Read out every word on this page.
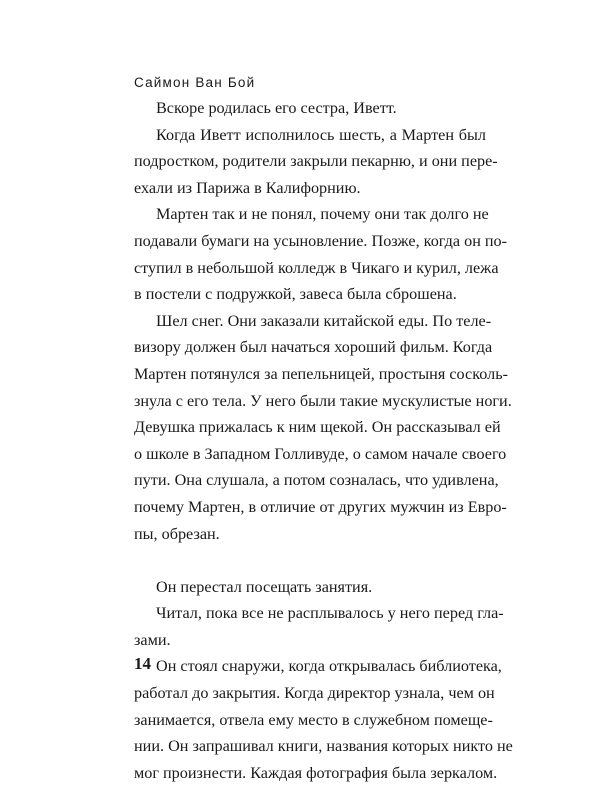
Саймон Ван Бой
Вскоре родилась его сестра, Иветт.
Когда Иветт исполнилось шесть, а Мартен был
подростком, родители закрыли пекарню, и они пере-
ехали из Парижа в Калифорнию.
Мартен так и не понял, почему они так долго не
подавали бумаги на усыновление. Позже, когда он по-
ступил в небольшой колледж в Чикаго и курил, лежа
в постели с подружкой, завеса была сброшена.
Шел снег. Они заказали китайской еды. По теле-
визору должен был начаться хороший фильм. Когда
Мартен потянулся за пепельницей, простыня сосколь-
знула с его тела. У него были такие мускулистые ноги.
Девушка прижалась к ним щекой. Он рассказывал ей
о школе в Западном Голливуде, о самом начале своего
пути. Она слушала, а потом созналась, что удивлена,
почему Мартен, в отличие от других мужчин из Евро-
пы, обрезан.
Он перестал посещать занятия.
Читал, пока все не расплывалось у него перед гла-
зами.
Он стоял снаружи, когда открывалась библиотека,
работал до закрытия. Когда директор узнала, чем он
занимается, отвела ему место в служебном помеще-
нии. Он запрашивал книги, названия которых никто не
мог произнести. Каждая фотография была зеркалом.
14
